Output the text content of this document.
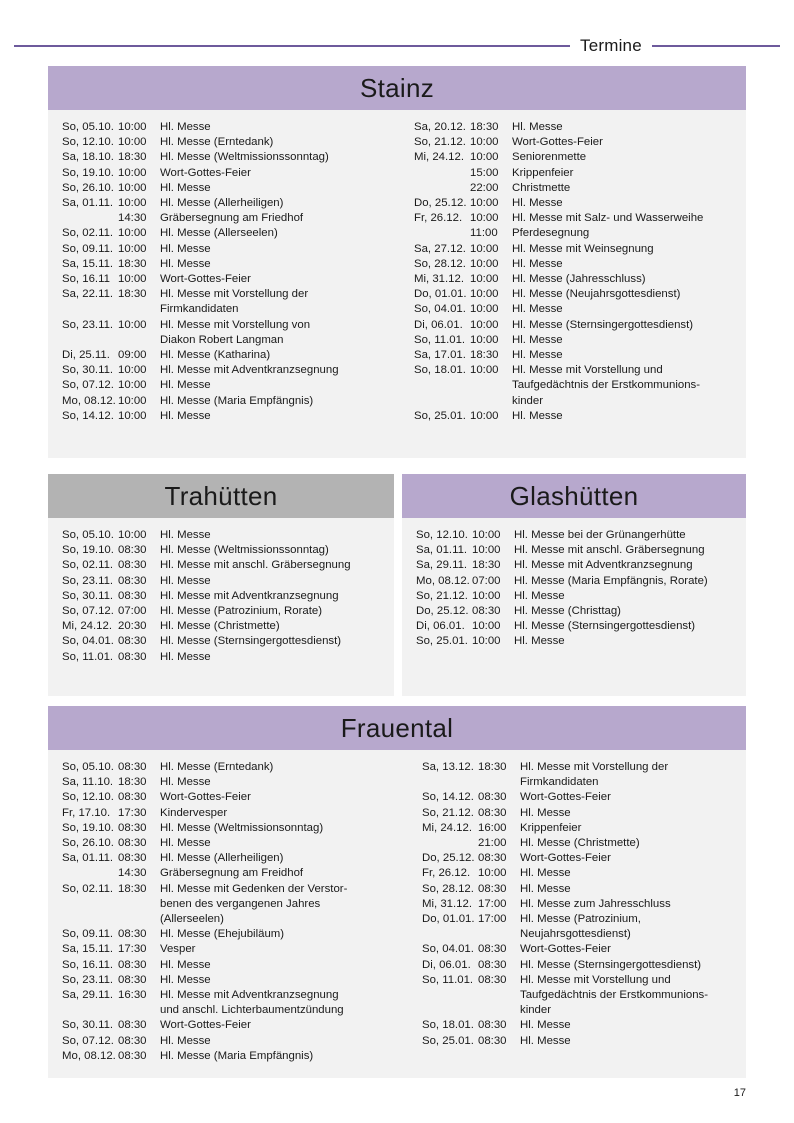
Termine
Stainz
So, 05.10. 10:00	Hl. Messe
So, 12.10. 10:00	Hl. Messe (Erntedank)
Sa, 18.10. 18:30	Hl. Messe (Weltmissionssonntag)
So, 19.10. 10:00	Wort-Gottes-Feier
So, 26.10. 10:00	Hl. Messe
Sa, 01.11. 10:00	Hl. Messe (Allerheiligen)
14:30	Gräbersegnung am Friedhof
So, 02.11. 10:00	Hl. Messe (Allerseelen)
So, 09.11. 10:00	Hl. Messe
Sa, 15.11. 18:30	Hl. Messe
So, 16.11 10:00	Wort-Gottes-Feier
Sa, 22.11. 18:30	Hl. Messe mit Vorstellung der
Firmkandidaten
So, 23.11. 10:00	Hl. Messe mit Vorstellung von
Diakon Robert Langman
Di, 25.11. 09:00	Hl. Messe (Katharina)
So, 30.11. 10:00	Hl. Messe mit Adventkranzsegnung
So, 07.12. 10:00	Hl. Messe
Mo, 08.12. 10:00	Hl. Messe (Maria Empfängnis)
So, 14.12. 10:00	Hl. Messe
Sa, 20.12. 18:30	Hl. Messe
So, 21.12. 10:00	Wort-Gottes-Feier
Mi, 24.12. 10:00	Seniorenmette
15:00	Krippenfeier
22:00	Christmette
Do, 25.12. 10:00	Hl. Messe
Fr, 26.12. 10:00	Hl. Messe mit Salz- und Wasserweihe
11:00	Pferdesegnung
Sa, 27.12. 10:00	Hl. Messe mit Weinsegnung
So, 28.12. 10:00	Hl. Messe
Mi, 31.12. 10:00	Hl. Messe (Jahresschluss)
Do, 01.01. 10:00	Hl. Messe (Neujahrsgottesdienst)
So, 04.01. 10:00	Hl. Messe
Di, 06.01. 10:00	Hl. Messe (Sternsingergottesdienst)
So, 11.01. 10:00	Hl. Messe
Sa, 17.01. 18:30	Hl. Messe
So, 18.01. 10:00	Hl. Messe mit Vorstellung und
Taufgedächtnis der Erstkommunions-
kinder
So, 25.01. 10:00	Hl. Messe
Trahütten
So, 05.10. 10:00	Hl. Messe
So, 19.10. 08:30	Hl. Messe (Weltmissionssonntag)
So, 02.11. 08:30	Hl. Messe mit anschl. Gräbersegnung
So, 23.11. 08:30	Hl. Messe
So, 30.11. 08:30	Hl. Messe mit Adventkranzsegnung
So, 07.12. 07:00	Hl. Messe (Patrozinium, Rorate)
Mi, 24.12. 20:30	Hl. Messe (Christmette)
So, 04.01. 08:30	Hl. Messe (Sternsingergottesdienst)
So, 11.01. 08:30	Hl. Messe
Glashütten
So, 12.10. 10:00	Hl. Messe bei der Grünangerhütte
Sa, 01.11. 10:00	Hl. Messe mit anschl. Gräbersegnung
Sa, 29.11. 18:30	Hl. Messe mit Adventkranzsegnung
Mo, 08.12. 07:00	Hl. Messe (Maria Empfängnis, Rorate)
So, 21.12. 10:00	Hl. Messe
Do, 25.12. 08:30	Hl. Messe (Christtag)
Di, 06.01. 10:00	Hl. Messe (Sternsingergottesdienst)
So, 25.01. 10:00	Hl. Messe
Frauental
So, 05.10. 08:30	Hl. Messe (Erntedank)
Sa, 11.10. 18:30	Hl. Messe
So, 12.10. 08:30	Wort-Gottes-Feier
Fr, 17.10. 17:30	Kindervesper
So, 19.10. 08:30	Hl. Messe (Weltmissionsonntag)
So, 26.10. 08:30	Hl. Messe
Sa, 01.11. 08:30	Hl. Messe (Allerheiligen)
14:30	Gräbersegnung am Freidhof
So, 02.11. 18:30	Hl. Messe mit Gedenken der Verstor-
benen des vergangenen Jahres
(Allerseelen)
So, 09.11. 08:30	Hl. Messe (Ehejubiläum)
Sa, 15.11. 17:30	Vesper
So, 16.11. 08:30	Hl. Messe
So, 23.11. 08:30	Hl. Messe
Sa, 29.11. 16:30	Hl. Messe mit Adventkranzsegnung
und anschl. Lichterbaumentzündung
So, 30.11. 08:30	Wort-Gottes-Feier
So, 07.12. 08:30	Hl. Messe
Mo, 08.12. 08:30	Hl. Messe (Maria Empfängnis)
Sa, 13.12. 18:30	Hl. Messe mit Vorstellung der
Firmkandidaten
So, 14.12. 08:30	Wort-Gottes-Feier
So, 21.12. 08:30	Hl. Messe
Mi, 24.12. 16:00	Krippenfeier
21:00	Hl. Messe (Christmette)
Do, 25.12. 08:30	Wort-Gottes-Feier
Fr, 26.12. 10:00	Hl. Messe
So, 28.12. 08:30	Hl. Messe
Mi, 31.12. 17:00	Hl. Messe zum Jahresschluss
Do, 01.01. 17:00	Hl. Messe (Patrozinium,
Neujahrsgottesdienst)
So, 04.01. 08:30	Wort-Gottes-Feier
Di, 06.01. 08:30	Hl. Messe (Sternsingergottesdienst)
So, 11.01. 08:30	Hl. Messe mit Vorstellung und
Taufgedächtnis der Erstkommunions-
kinder
So, 18.01. 08:30	Hl. Messe
So, 25.01. 08:30	Hl. Messe
17
